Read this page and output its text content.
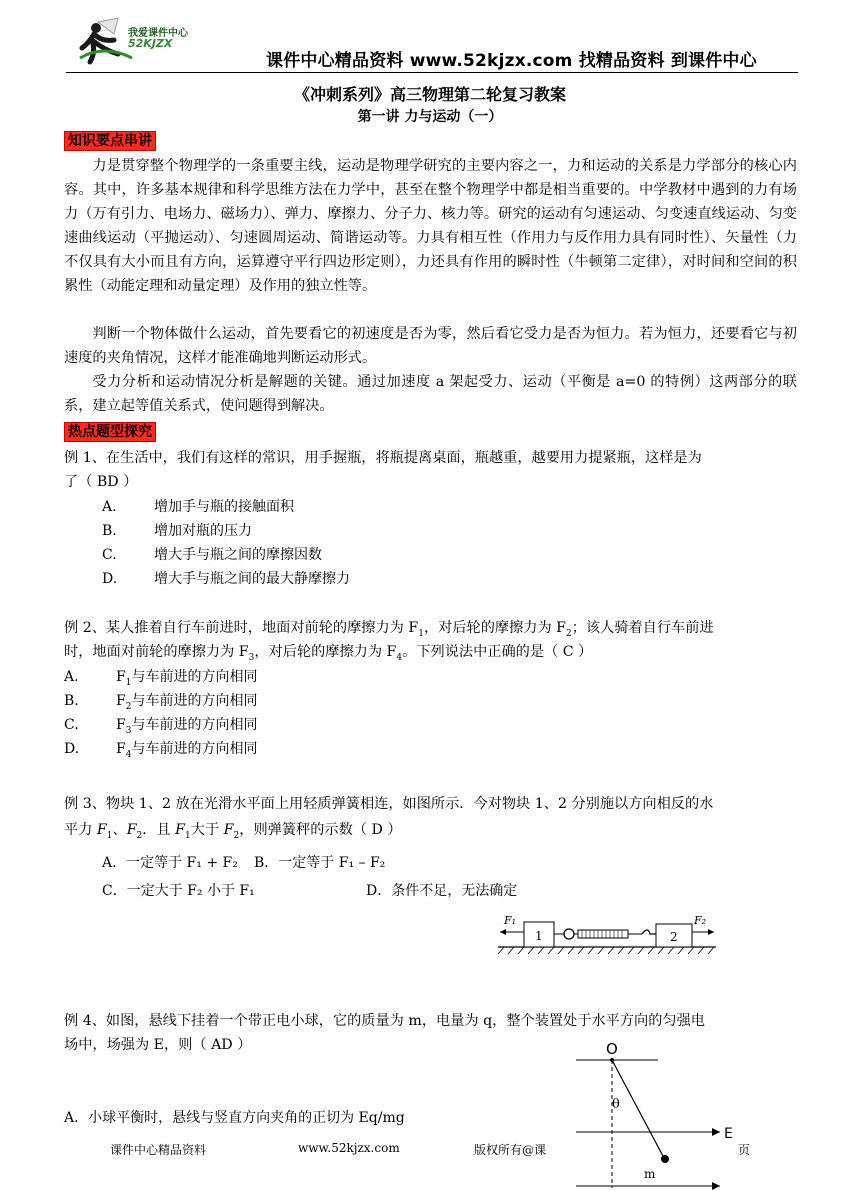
我爱课件中心
52KJZX
课件中心精品资料 www.52kjzx.com 找精品资料 到课件中心
《冲刺系列》高三物理第二轮复习教案
第一讲 力与运动（一）
知识要点串讲
力是贯穿整个物理学的一条重要主线，运动是物理学研究的主要内容之一，力和运动的关系是力学部分的核心内容。其中，许多基本规律和科学思维方法在力学中，甚至在整个物理学中都是相当重要的。中学教材中遇到的力有场力（万有引力、电场力、磁场力）、弹力、摩擦力、分子力、核力等。研究的运动有匀速运动、匀变速直线运动、匀变速曲线运动（平抛运动）、匀速圆周运动、简谐运动等。力具有相互性（作用力与反作用力具有同时性）、矢量性（力不仅具有大小而且有方向，运算遵守平行四边形定则），力还具有作用的瞬时性（牛顿第二定律），对时间和空间的积累性（动能定理和动量定理）及作用的独立性等。
判断一个物体做什么运动，首先要看它的初速度是否为零，然后看它受力是否为恒力。若为恒力，还要看它与初速度的夹角情况，这样才能准确地判断运动形式。
受力分析和运动情况分析是解题的关键。通过加速度 a 架起受力、运动（平衡是 a=0 的特例）这两部分的联系，建立起等值关系式，使问题得到解决。
热点题型探究
例 1、在生活中，我们有这样的常识，用手握瓶，将瓶提离桌面，瓶越重，越要用力提紧瓶，这样是为
了（ BD ）
A.	增加手与瓶的接触面积
B.	增加对瓶的压力
C.	增大手与瓶之间的摩擦因数
D.	增大手与瓶之间的最大静摩擦力
例 2、某人推着自行车前进时，地面对前轮的摩擦力为 $F_1$，对后轮的摩擦力为 $F_2$；该人骑着自行车前进
时，地面对前轮的摩擦力为 $F_3$，对后轮的摩擦力为 $F_4$。下列说法中正确的是（ C ）
A.	$F_1$与车前进的方向相同
B.	$F_2$与车前进的方向相同
C.	$F_3$与车前进的方向相同
D.	$F_4$与车前进的方向相同
例 3、物块 1、2 放在光滑水平面上用轻质弹簧相连，如图所示．今对物块 1、2 分别施以方向相反的水
平力 $F_1$、$F_2$．且 $F_1$大于 $F_2$，则弹簧秤的示数（ D ）
A．一定等于 F₁ + F₂ B．一定等于 F₁ – F₂
C．一定大于 F₂ 小于 F₁	D．条件不足，无法确定
1	2
F₁	F₂
例 4、如图，悬线下挂着一个带正电小球，它的质量为 m，电量为 q，整个装置处于水平方向的匀强电
场中，场强为 E，则（ AD ）
A．小球平衡时，悬线与竖直方向夹角的正切为 Eq/mg
O
θ
m
E
课件中心精品资料	www.52kjzx.com	版权所有@课	页
